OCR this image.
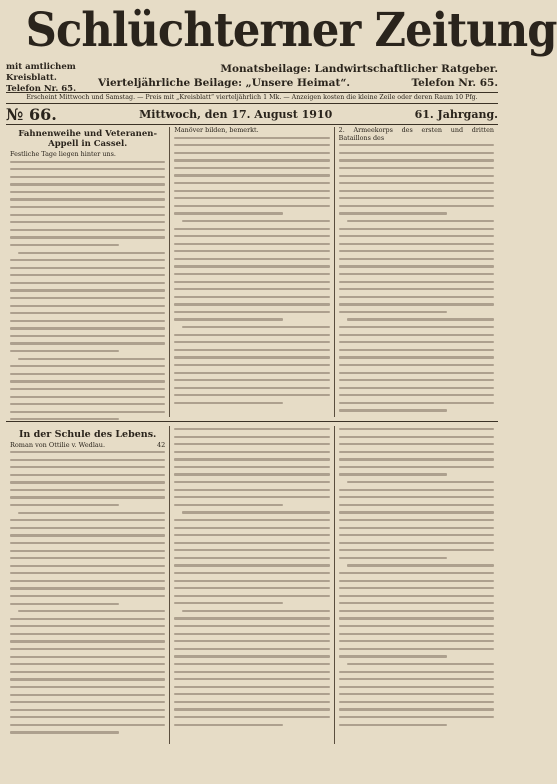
Schlüchterner Zeitung
mit amtlichem Kreisblatt.
Telefon Nr. 65.
Monatsbeilage: Landwirtschaftlicher Ratgeber.
Vierteljährliche Beilage: „Unsere Heimat“.	Telefon Nr. 65.
Erscheint Mittwoch und Samstag. — Preis mit „Kreisblatt“ vierteljährlich 1 Mk. — Anzeigen kosten die kleine Zeile oder deren Raum 10 Pfg.
№ 66.	Mittwoch, den 17. August 1910	61. Jahrgang.
Fahnenweihe und Veteranen-Appell in Cassel.
Festliche Tage liegen hinter uns.
Manöver bilden, bemerkt.	2. Armeekorps des ersten und dritten Bataillons des
In der Schule des Lebens.
Roman von Ottilie v. Wedlau.	42
